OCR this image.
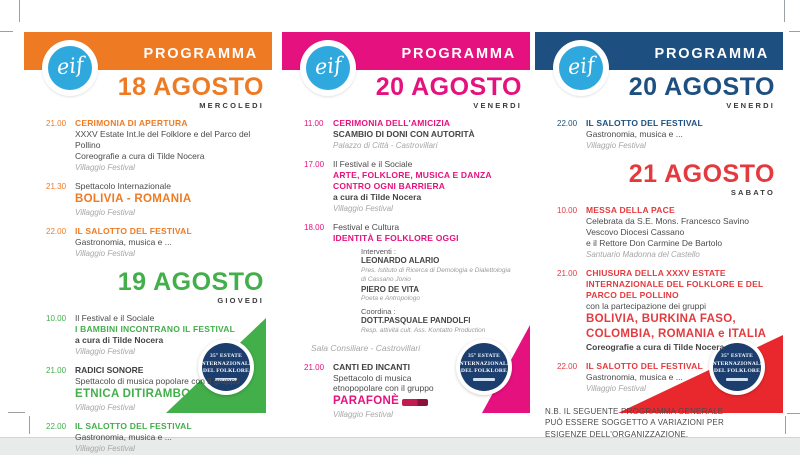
35° ESTATE
INTERNAZIONALE
DEL FOLKLORE
PROGRAMMA
eif
18 AGOSTO
MERCOLEDI
21.00	CERIMONIA DI APERTURA
XXXV Estate Int.le del Folklore e del Parco del Pollino
Coreografie a cura di Tilde Nocera
Villaggio Festival
21.30	Spettacolo Internazionale
BOLIVIA - ROMANIA
Villaggio Festival
22.00	IL SALOTTO DEL FESTIVAL
Gastronomia, musica e ...
Villaggio Festival
19 AGOSTO
GIOVEDI
10.00	Il Festival e il Sociale
I BAMBINI INCONTRANO IL FESTIVAL
a cura di Tilde Nocera
Villaggio Festival
21.00	RADICI SONORE
Spettacolo di musica popolare con il gruppo
ETNICA DITIRAMBO
Villaggio Festival
22.00	IL SALOTTO DEL FESTIVAL
Gastronomia, musica e ...
Villaggio Festival
35° ESTATE
INTERNAZIONALE
DEL FOLKLORE
PROGRAMMA
eif
20 AGOSTO
VENERDI
11.00	CERIMONIA DELL'AMICIZIA
SCAMBIO DI DONI CON AUTORITÀ
Palazzo di Città - Castrovillari
17.00	Il Festival e il Sociale
ARTE, FOLKLORE, MUSICA E DANZA
CONTRO OGNI BARRIERA
a cura di Tilde Nocera
Villaggio Festival
18.00	Festival e Cultura
IDENTITÀ E FOLKLORE OGGI
Interventi :
LEONARDO ALARIO
Pres. Istituto di Ricerca di Demologia e Dialettologia
di Cassano Jonio
PIERO DE VITA
Poeta e Antropologo
Coordina :
DOTT.PASQUALE PANDOLFI
Resp. attività cult. Ass. Kontatto Production
Sala Consiliare - Castrovillari
21.00	CANTI ED INCANTI
Spettacolo di musica
etnopopolare con il gruppo
PARAFONÈ
Villaggio Festival
35° ESTATE
INTERNAZIONALE
DEL FOLKLORE
PROGRAMMA
eif
20 AGOSTO
VENERDI
22.00	IL SALOTTO DEL FESTIVAL
Gastronomia, musica e ...
Villaggio Festival
21 AGOSTO
SABATO
10.00	MESSA DELLA PACE
Celebrata da S.E. Mons. Francesco Savino
Vescovo Diocesi Cassano
e il Rettore Don Carmine De Bartolo
Santuario Madonna del Castello
21.00	CHIUSURA DELLA XXXV ESTATE
INTERNAZIONALE DEL FOLKLORE E DEL
PARCO DEL POLLINO
con la partecipazione dei gruppi
BOLIVIA, BURKINA FASO,
COLOMBIA, ROMANIA e ITALIA
Coreografie a cura di Tilde Nocera
22.00	IL SALOTTO DEL FESTIVAL
Gastronomia, musica e ...
Villaggio Festival
N.B. IL SEGUENTE PROGRAMMA GENERALE
PUÒ ESSERE SOGGETTO A VARIAZIONI PER
ESIGENZE DELL'ORGANIZZAZIONE.
